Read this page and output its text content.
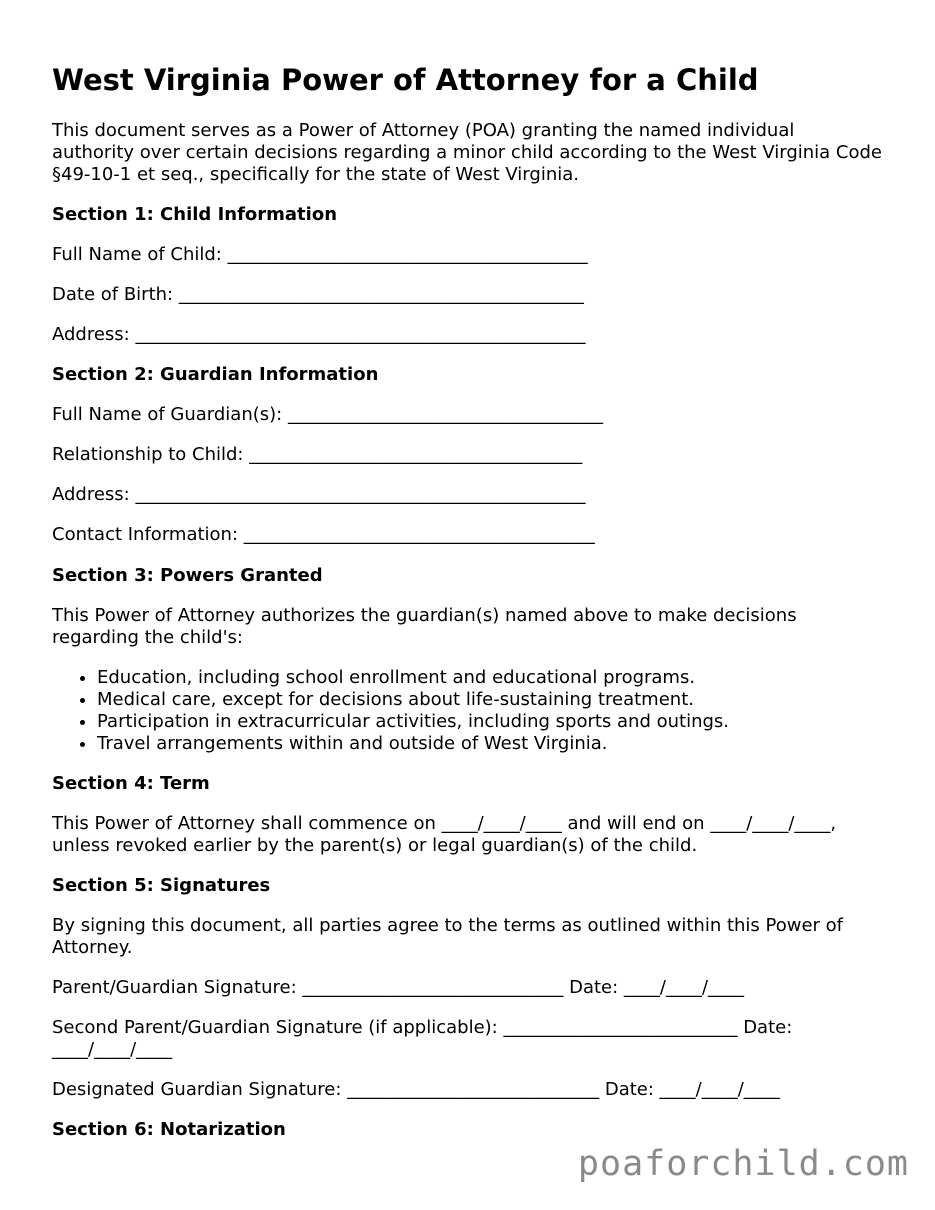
West Virginia Power of Attorney for a Child

This document serves as a Power of Attorney (POA) granting the named individual authority over certain decisions regarding a minor child according to the West Virginia Code §49-10-1 et seq., specifically for the state of West Virginia.

Section 1: Child Information

Full Name of Child: ________________________________________

Date of Birth: _____________________________________________

Address: __________________________________________________

Section 2: Guardian Information

Full Name of Guardian(s): ___________________________________

Relationship to Child: _____________________________________

Address: __________________________________________________

Contact Information: _______________________________________

Section 3: Powers Granted

This Power of Attorney authorizes the guardian(s) named above to make decisions regarding the child's:

• Education, including school enrollment and educational programs.
• Medical care, except for decisions about life-sustaining treatment.
• Participation in extracurricular activities, including sports and outings.
• Travel arrangements within and outside of West Virginia.

Section 4: Term

This Power of Attorney shall commence on ____/____/____ and will end on ____/____/____, unless revoked earlier by the parent(s) or legal guardian(s) of the child.

Section 5: Signatures

By signing this document, all parties agree to the terms as outlined within this Power of Attorney.

Parent/Guardian Signature: _____________________________ Date: ____/____/____

Second Parent/Guardian Signature (if applicable): __________________________ Date: ____/____/____

Designated Guardian Signature: ____________________________ Date: ____/____/____

Section 6: Notarization

poaforchild.com
